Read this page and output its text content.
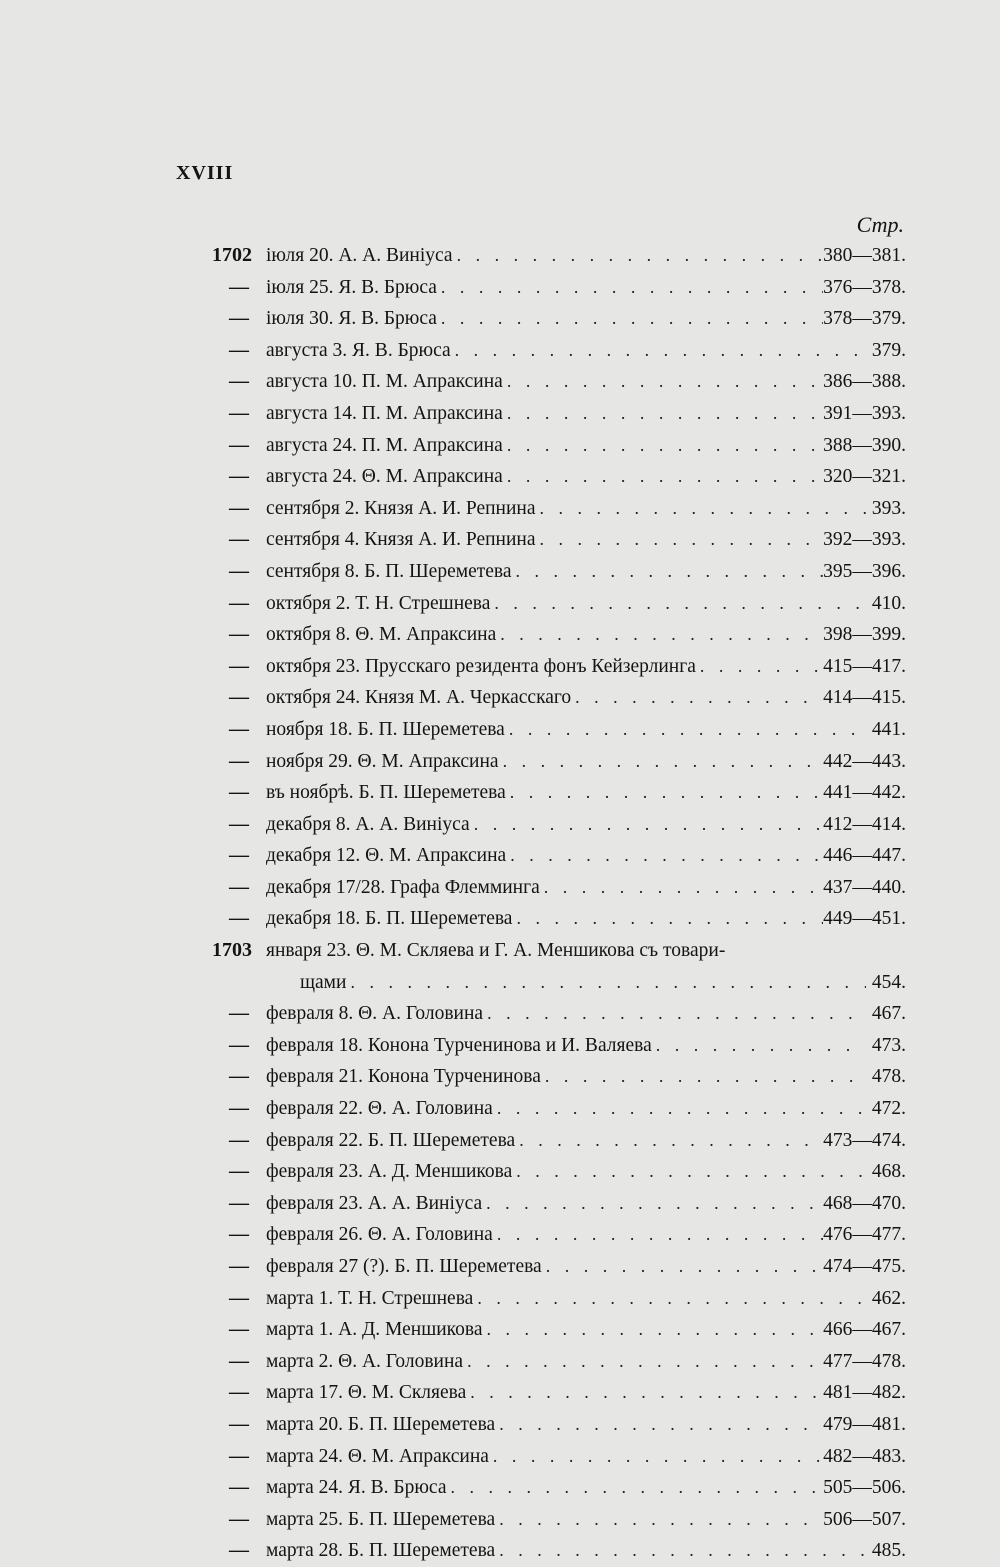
XVIII
Стр.
1702 іюля 20. А. А. Виніуса . . .	380—381.
— іюля 25. Я. В. Брюса . . .	376—378.
— іюля 30. Я. В. Брюса . . .	378—379.
— августа 3. Я. В. Брюса . . .	379.
— августа 10. П. М. Апраксина . . .	386—388.
— августа 14. П. М. Апраксина . . .	391—393.
— августа 24. П. М. Апраксина . . .	388—390.
— августа 24. Θ. М. Апраксина . . .	320—321.
— сентября 2. Князя А. И. Репнина . . .	393.
— сентября 4. Князя А. И. Репнина . . .	392—393.
— сентября 8. Б. П. Шереметева . . .	395—396.
— октября 2. Т. Н. Стрешнева . . .	410.
— октября 8. Θ. М. Апраксина . . .	398—399.
— октября 23. Прусскаго резидента фонъ Кейзерлинга . . .	415—417.
— октября 24. Князя М. А. Черкасскаго . . .	414—415.
— ноября 18. Б. П. Шереметева . . .	441.
— ноября 29. Θ. М. Апраксина . . .	442—443.
— въ ноябрѣ. Б. П. Шереметева . . .	441—442.
— декабря 8. А. А. Виніуса . . .	412—414.
— декабря 12. Θ. М. Апраксина . . .	446—447.
— декабря 17/28. Графа Флемминга . . .	437—440.
— декабря 18. Б. П. Шереметева . . .	449—451.
1703 января 23. Θ. М. Скляева и Г. А. Меншикова съ товари-
щами . . .	454.
— февраля 8. Θ. А. Головина . . .	467.
— февраля 18. Конона Турченинова и И. Валяева . . .	473.
— февраля 21. Конона Турченинова . . .	478.
— февраля 22. Θ. А. Головина . . .	472.
— февраля 22. Б. П. Шереметева . . .	473—474.
— февраля 23. А. Д. Меншикова . . .	468.
— февраля 23. А. А. Виніуса . . .	468—470.
— февраля 26. Θ. А. Головина . . .	476—477.
— февраля 27 (?). Б. П. Шереметева . . .	474—475.
— марта 1. Т. Н. Стрешнева . . .	462.
— марта 1. А. Д. Меншикова . . .	466—467.
— марта 2. Θ. А. Головина . . .	477—478.
— марта 17. Θ. М. Скляева . . .	481—482.
— марта 20. Б. П. Шереметева . . .	479—481.
— марта 24. Θ. М. Апраксина . . .	482—483.
— марта 24. Я. В. Брюса . . .	505—506.
— марта 25. Б. П. Шереметева . . .	506—507.
— марта 28. Б. П. Шереметева . . .	485.
